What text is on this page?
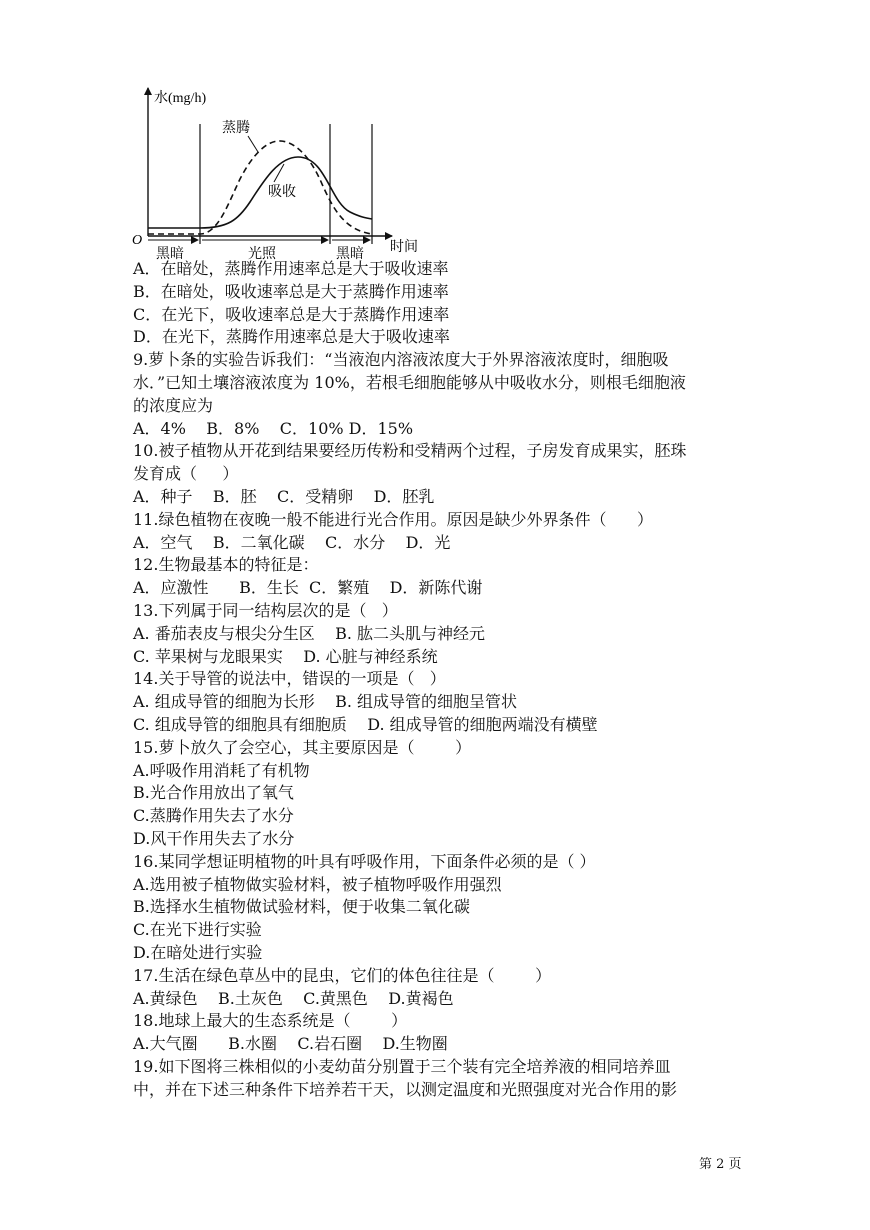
水(mg/h)
时间
O
蒸腾
吸收
黑暗	光照	黑暗
A．在暗处，蒸腾作用速率总是大于吸收速率
B．在暗处，吸收速率总是大于蒸腾作用速率
C．在光下，吸收速率总是大于蒸腾作用速率
D．在光下，蒸腾作用速率总是大于吸收速率
9.萝卜条的实验告诉我们：“当液泡内溶液浓度大于外界溶液浓度时，细胞吸
水．”已知土壤溶液浓度为 10%，若根毛细胞能够从中吸收水分，则根毛细胞液
的浓度应为
A．4%    B．8%    C．10% D．15%
10.被子植物从开花到结果要经历传粉和受精两个过程，子房发育成果实，胚珠
发育成（     ）
A．种子    B．胚    C．受精卵    D．胚乳
11.绿色植物在夜晚一般不能进行光合作用。原因是缺少外界条件（      ）
A．空气    B．二氧化碳    C．水分    D．光
12.生物最基本的特征是：
A．应激性      B．生长  C．繁殖    D．新陈代谢
13.下列属于同一结构层次的是（   ）
A. 番茄表皮与根尖分生区    B. 肱二头肌与神经元
C. 苹果树与龙眼果实    D. 心脏与神经系统
14.关于导管的说法中，错误的一项是（   ）
A. 组成导管的细胞为长形    B. 组成导管的细胞呈管状
C. 组成导管的细胞具有细胞质    D. 组成导管的细胞两端没有横壁
15.萝卜放久了会空心，其主要原因是（        ）
A.呼吸作用消耗了有机物
B.光合作用放出了氧气
C.蒸腾作用失去了水分
D.风干作用失去了水分
16.某同学想证明植物的叶具有呼吸作用，下面条件必须的是（ ）
A.选用被子植物做实验材料，被子植物呼吸作用强烈
B.选择水生植物做试验材料，便于收集二氧化碳
C.在光下进行实验
D.在暗处进行实验
17.生活在绿色草丛中的昆虫，它们的体色往往是（        ）
A.黄绿色    B.土灰色    C.黄黑色    D.黄褐色
18.地球上最大的生态系统是（        ）
A.大气圈      B.水圈    C.岩石圈    D.生物圈
19.如下图将三株相似的小麦幼苗分别置于三个装有完全培养液的相同培养皿
中，并在下述三种条件下培养若干天，以测定温度和光照强度对光合作用的影
第 2 页
